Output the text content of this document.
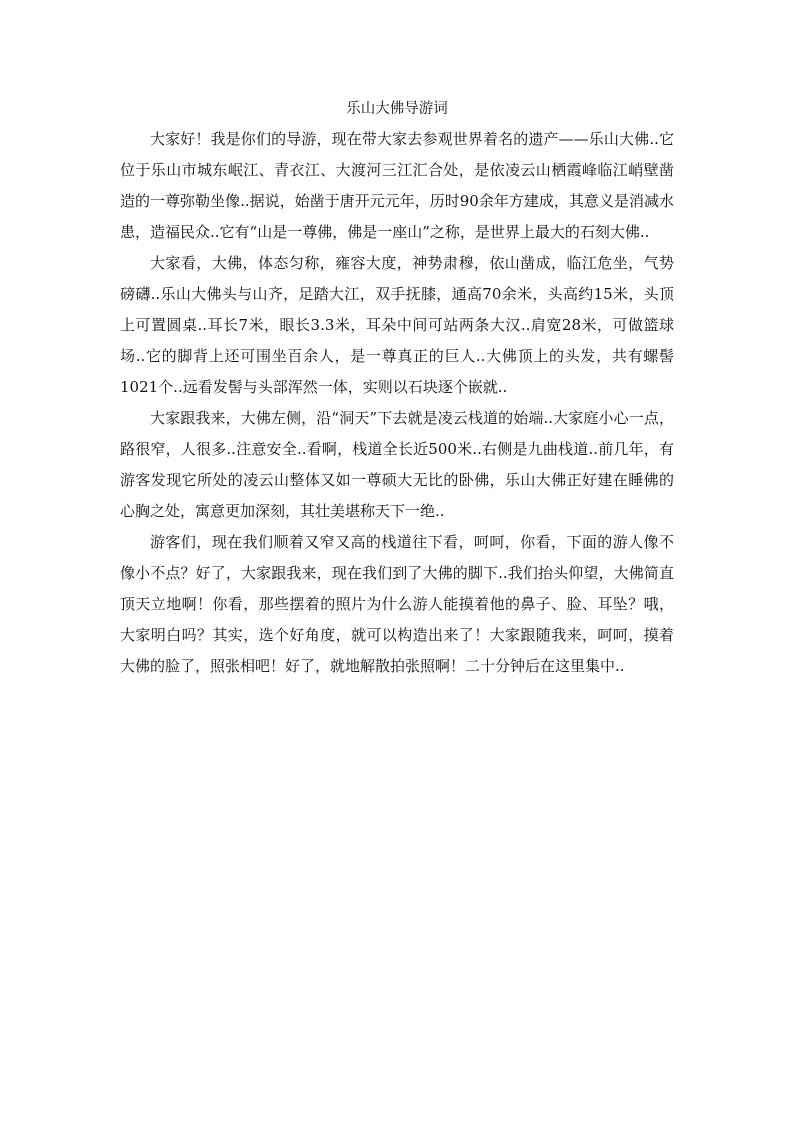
乐山大佛导游词

大家好！我是你们的导游，现在带大家去参观世界着名的遗产——乐山大佛..它位于乐山市城东岷江、青衣江、大渡河三江汇合处，是依凌云山栖霞峰临江峭壁凿造的一尊弥勒坐像..据说，始凿于唐开元元年，历时90余年方建成，其意义是消减水患，造福民众..它有“山是一尊佛，佛是一座山”之称，是世界上最大的石刻大佛..

大家看，大佛，体态匀称，雍容大度，神势肃穆，依山凿成，临江危坐，气势磅礴..乐山大佛头与山齐，足踏大江，双手抚膝，通高70余米，头高约15米，头顶上可置圆桌..耳长7米，眼长3.3米，耳朵中间可站两条大汉..肩宽28米，可做篮球场..它的脚背上还可围坐百余人，是一尊真正的巨人..大佛顶上的头发，共有螺髻1021个..远看发髻与头部浑然一体，实则以石块逐个嵌就..

大家跟我来，大佛左侧，沿“洞天”下去就是凌云栈道的始端..大家庭小心一点，路很窄，人很多..注意安全..看啊，栈道全长近500米..右侧是九曲栈道..前几年，有游客发现它所处的凌云山整体又如一尊硕大无比的卧佛，乐山大佛正好建在睡佛的心胸之处，寓意更加深刻，其壮美堪称天下一绝..

游客们，现在我们顺着又窄又高的栈道往下看，呵呵，你看，下面的游人像不像小不点？好了，大家跟我来，现在我们到了大佛的脚下..我们抬头仰望，大佛简直顶天立地啊！你看，那些摆着的照片为什么游人能摸着他的鼻子、脸、耳坠？哦，大家明白吗？其实，选个好角度，就可以构造出来了！大家跟随我来，呵呵，摸着大佛的脸了，照张相吧！好了，就地解散拍张照啊！二十分钟后在这里集中..
